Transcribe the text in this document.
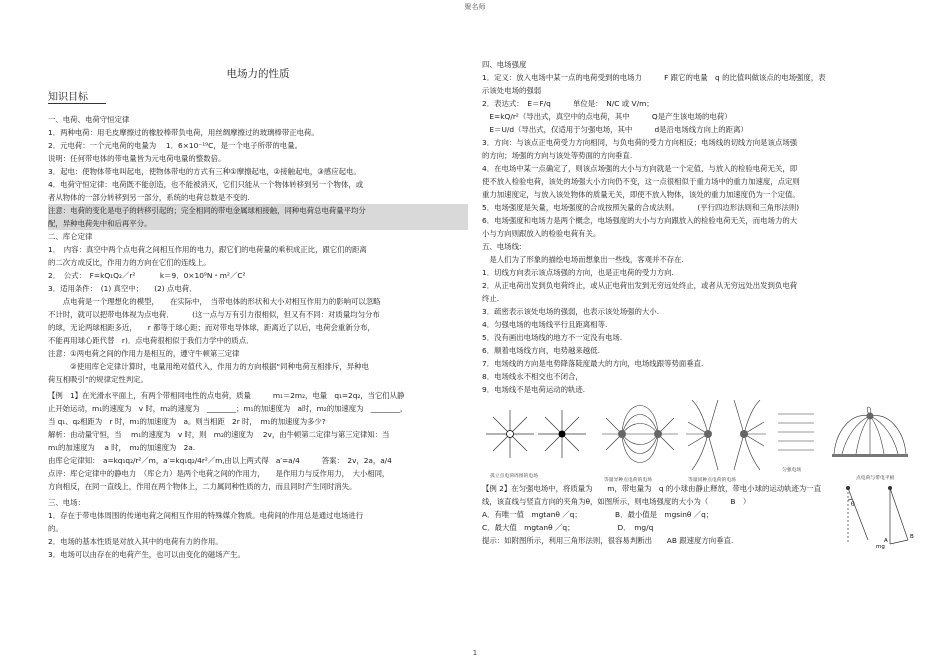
聚名师
电场力的性质
知识目标
一、电荷、电荷守恒定律
1．两种电荷：用毛皮摩擦过的橡胶棒带负电荷，用丝绸摩擦过的玻璃棒带正电荷。
2．元电荷：一个元电荷的电量为　 1．6×10⁻¹⁹C，是一个电子所带的电量。
说明：任何带电体的带电量皆为元电荷电量的整数倍。
3．起电：使物体带电叫起电，使物体带电的方式有三种①摩擦起电，②接触起电，③感应起电。
4．电荷守恒定律：电荷既不能创造，也不能被消灭，它们只能从一个物体转移到另一个物体，或
者从物体的一部分转移到另一部分，系统的电荷总数是不变的.
注意：电荷的变化是电子的转移引起的；完全相同的带电金属球相接触，同种电荷总电荷量平均分
配，异种电荷先中和后再平分。
二、库仑定律
1．　内容：真空中两个点电荷之间相互作用的电力，跟它们的电荷量的乘积成正比，跟它们的距离
的二次方成反比，作用力的方向在它们的连线上。
2．　公式：　F=kQ₁Q₂／r²　　　 k＝9．0×10⁹N・m²／C²
3．适用条件：　(1) 真空中；　　(2) 点电荷．
　　点电荷是一个理想化的模型，　　在实际中，　当带电体的形状和大小对相互作用力的影响可以忽略
不计时，就可以把带电体视为点电荷．　　　(这一点与万有引力很相似，但又有不同：对质量均匀分布
的球，无论两球相距多近，　　r 都等于球心距；而对带电导体球，距离近了以后，电荷会重新分布，
不能再用球心距代替　r)．点电荷很相似于我们力学中的质点．
注意：①两电荷之间的作用力是相互的，遵守牛顿第三定律
　　　②使用库仑定律计算时，电量用绝对值代入，作用力的方向根据“同种电荷互相排斥，异种电
荷互相吸引”的规律定性判定。
【例　1】在光滑水平面上，有两个带相同电性的点电荷，质量　　　m₁＝2m₂，电量　q₁=2q₂，当它们从静
止开始运动，m₁的速度为　v 时，m₂的速度为　________；m₁的加速度为　a时，m₂的加速度为　________，
当 q₁、q₂相距为　r 时，m₁的加速度为　a。则当相距　2r 时，　m₁的加速度为多少?
解析：由动量守恒，当　 m₁的速度为　v 时，则　m₂的速度为　 2v，由牛顿第二定律与第三定律知：当
m₁的加速度为　 a 时，　m₂的加速度为　2a.
由库仑定律知：　a=kq₁q₂/r²／m，a′=kq₁q₂/4r²／m,由以上两式得　a′=a/4　　　答案：　2v，2a，a/4
点评：库仑定律中的静电力　（库仑力）是两个电荷之间的作用力，　　是作用力与反作用力，　大小相同，
方向相反，在同一直线上，作用在两个物体上，二力属同种性质的力，而且同时产生同时消失。
三、电场：
1．存在于带电体周围的传递电荷之间相互作用的特殊媒介物质。电荷间的作用总是通过电场进行
的。
2．电场的基本性质是对放入其中的电荷有力的作用。
3．电场可以由存在的电荷产生，也可以由变化的磁场产生。
四、电场强度
1．定义：放入电场中某一点的电荷受到的电场力　　　F 跟它的电量　q 的比值叫做该点的电场强度，表
示该处电场的强弱
2．表达式：　E＝F/q　　　单位是：　N/C 或 V/m；
　E=kQ/r²（导出式，真空中的点电荷，其中　　　Q是产生该电场的电荷）
　E＝U/d（导出式，仅适用于匀强电场，其中　　　d是沿电场线方向上的距离）
3．方向：与该点正电荷受力方向相同，与负电荷的受力方向相反；电场线的切线方向是该点场强
的方向；场强的方向与该处等势面的方向垂直.
4．在电场中某一点确定了，则该点场强的大小与方向就是一个定值，与放入的检验电荷无关，即
使不放入检验电荷，该处的场强大小方向仍不变，这一点很相似于重力场中的重力加速度，点定则
重力加速度定，与放入该处物体的质量无关，即使不放入物体，该处的重力加速度仍为一个定值。
5．电场强度是矢量，电场强度的合成按照矢量的合成法则。　　　(平行四边形法则和三角形法则)
6．电场强度和电场力是两个概念，电场强度的大小与方向跟放入的检验电荷无关，而电场力的大
小与方向则跟放入的检验电荷有关。
五、电场线:
　是人们为了形象的描绘电场而想象出一些线，客观并不存在.
1．切线方向表示该点场强的方向，也是正电荷的受力方向.
2．从正电荷出发到负电荷终止，或从正电荷出发到无穷远处终止，或者从无穷远处出发到负电荷
终止.
3．疏密表示该处电场的强弱，也表示该处场强的大小.
4．匀强电场的电场线平行且距离相等.
5．没有画出电场线的地方不一定没有电场.
6．顺着电场线方向，电势越来越低.
7．电场线的方向是电势降落陡度最大的方向，电场线跟等势面垂直.
8．电场线永不相交也不闭合，
9．电场线不是电荷运动的轨迹.
孤立点电荷周围的电场
等量异种点电荷的电场	等量同种点电荷的电场
匀强电场
点电荷与带电平板
【例 2】在匀强电场中，将质量为　　m，带电量为　q 的小球由静止释放，带电小球的运动轨迹为一直
线，该直线与竖直方向的夹角为θ，如图所示，则电场强度的大小为（　　　B　）
A．有唯一值　mgtanθ ／q；　　　　　B．最小值是　mgsinθ ／q；
C．最大值　mgtanθ ／q；　　　　　　 D．　mg/q
提示：如附图所示，利用三角形法则，很容易判断出　　AB 跟速度方向垂直.
θ
mg
A
B
1
